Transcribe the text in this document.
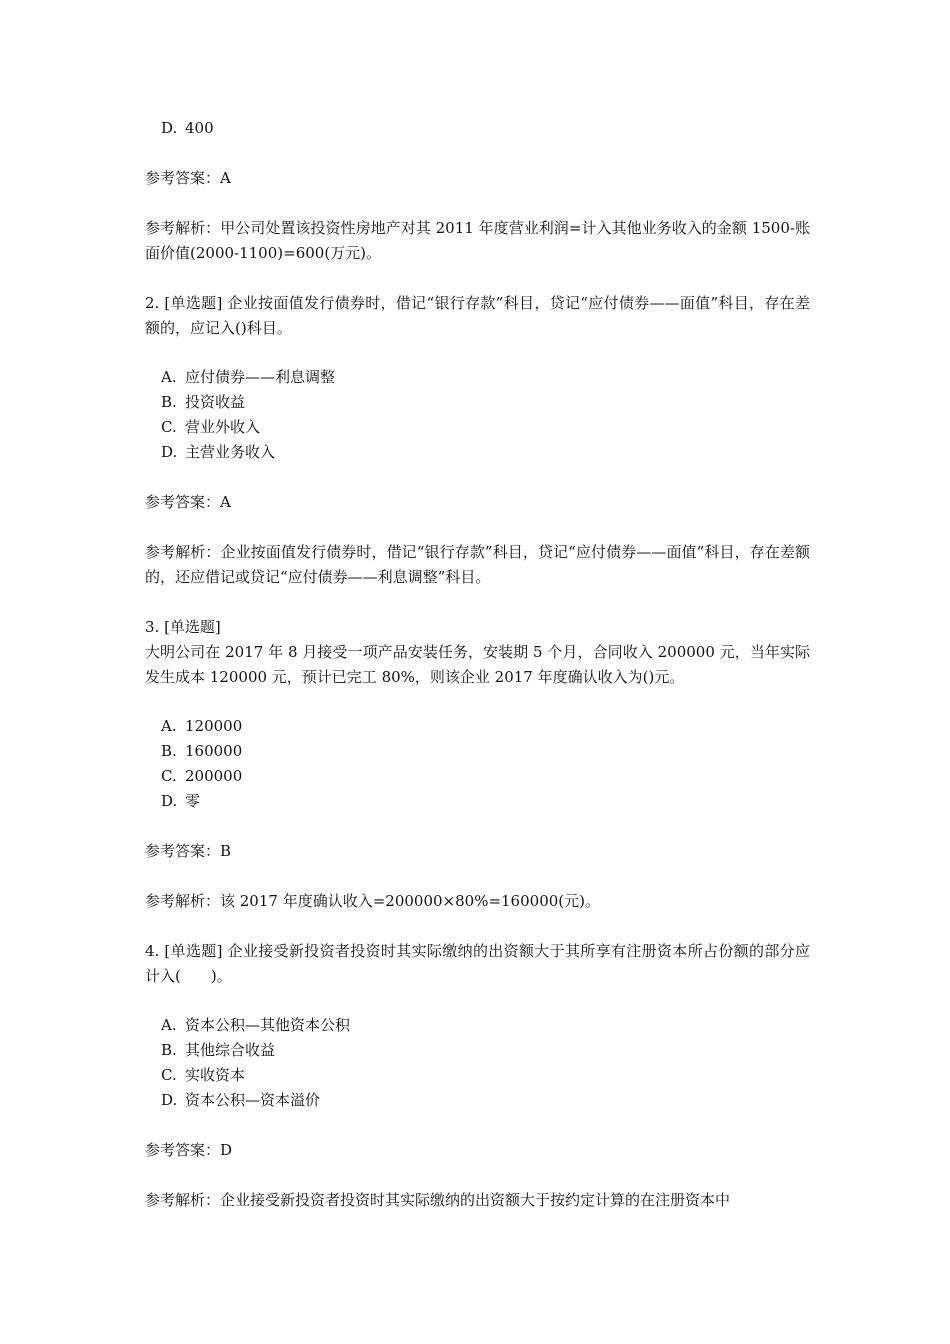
D. 400

参考答案：A

参考解析：甲公司处置该投资性房地产对其 2011 年度营业利润=计入其他业务收入的金额 1500-账面价值(2000-1100)=600(万元)。

2. [单选题] 企业按面值发行债券时，借记“银行存款”科目，贷记“应付债券——面值”科目，存在差额的，应记入()科目。

A. 应付债券——利息调整
B. 投资收益
C. 营业外收入
D. 主营业务收入

参考答案：A

参考解析：企业按面值发行债券时，借记“银行存款”科目，贷记“应付债券——面值”科目，存在差额的，还应借记或贷记“应付债券——利息调整”科目。

3. [单选题]

大明公司在 2017 年 8 月接受一项产品安装任务，安装期 5 个月，合同收入 200000 元，当年实际发生成本 120000 元，预计已完工 80%，则该企业 2017 年度确认收入为()元。

A. 120000
B. 160000
C. 200000
D. 零

参考答案：B

参考解析：该 2017 年度确认收入=200000×80%=160000(元)。

4. [单选题] 企业接受新投资者投资时其实际缴纳的出资额大于其所享有注册资本所占份额的部分应计入(　　)。

A. 资本公积—其他资本公积
B. 其他综合收益
C. 实收资本
D. 资本公积—资本溢价

参考答案：D

参考解析：企业接受新投资者投资时其实际缴纳的出资额大于按约定计算的在注册资本中
